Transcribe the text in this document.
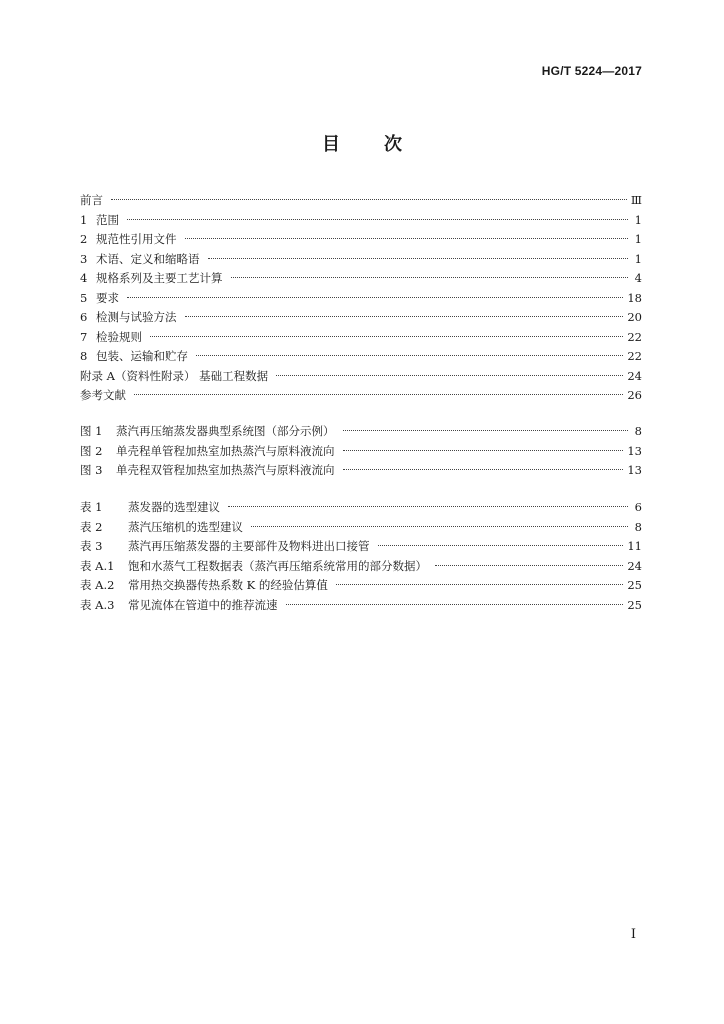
HG/T 5224—2017
目 次
前言	Ⅲ
1 范围	1
2 规范性引用文件	1
3 术语、定义和缩略语	1
4 规格系列及主要工艺计算	4
5 要求	18
6 检测与试验方法	20
7 检验规则	22
8 包装、运输和贮存	22
附录 A（资料性附录） 基础工程数据	24
参考文献	26
图 1	蒸汽再压缩蒸发器典型系统图（部分示例）	8
图 2	单壳程单管程加热室加热蒸汽与原料液流向	13
图 3	单壳程双管程加热室加热蒸汽与原料液流向	13
表 1	蒸发器的选型建议	6
表 2	蒸汽压缩机的选型建议	8
表 3	蒸汽再压缩蒸发器的主要部件及物料进出口接管	11
表 A.1	饱和水蒸气工程数据表（蒸汽再压缩系统常用的部分数据）	24
表 A.2	常用热交换器传热系数 K 的经验估算值	25
表 A.3	常见流体在管道中的推荐流速	25
Ⅰ
